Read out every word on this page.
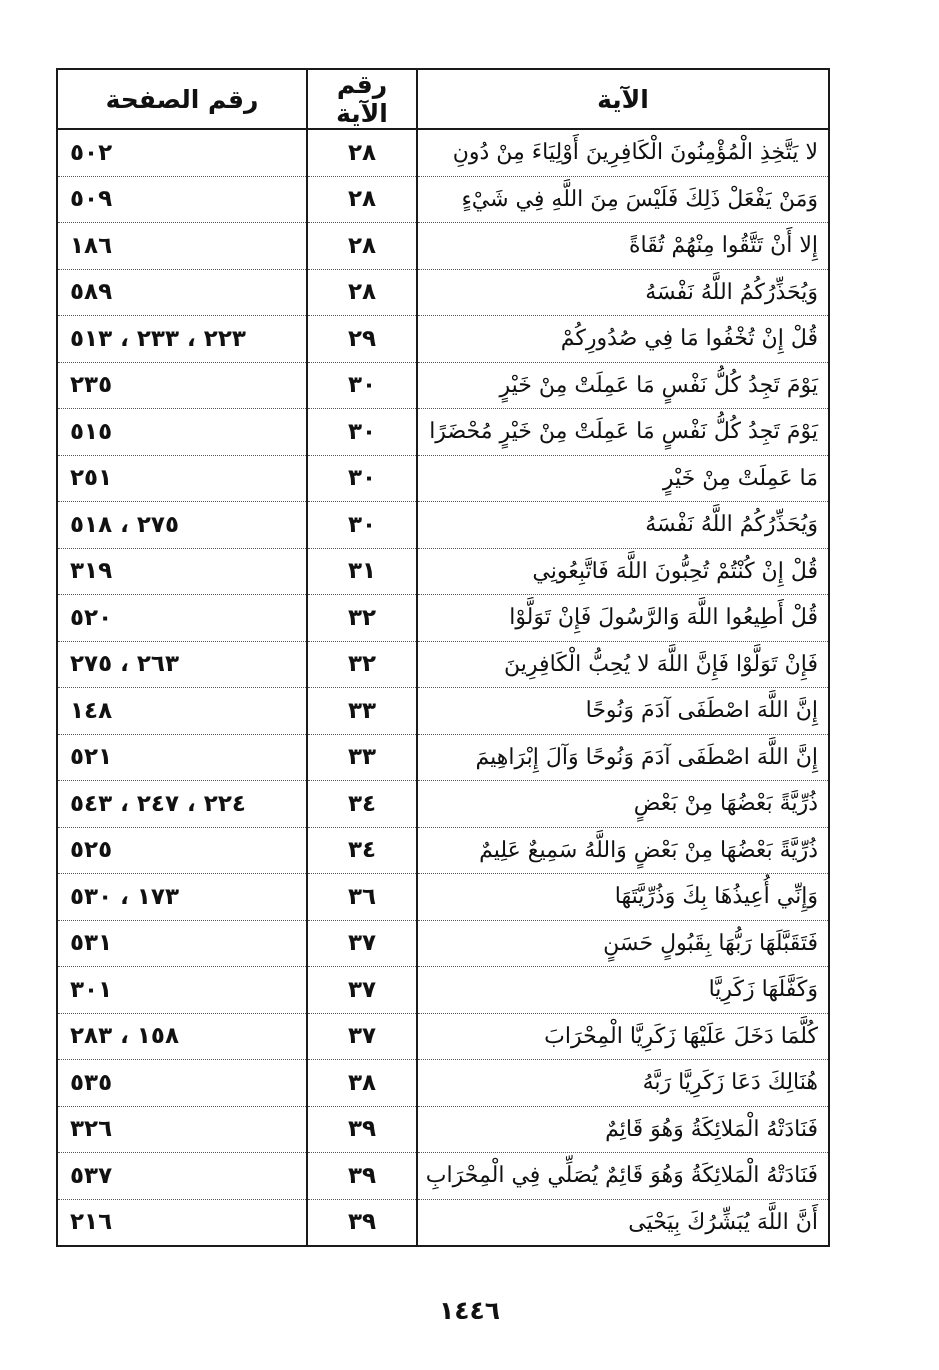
الآية	رقم الآية	رقم الصفحة
لا يَتَّخِذِ الْمُؤْمِنُونَ الْكَافِرِينَ أَوْلِيَاءَ مِنْ دُونِ	٢٨	٥٠٢
وَمَنْ يَفْعَلْ ذَلِكَ فَلَيْسَ مِنَ اللَّهِ فِي شَيْءٍ	٢٨	٥٠٩
إِلا أَنْ تَتَّقُوا مِنْهُمْ تُقَاةً	٢٨	١٨٦
وَيُحَذِّرُكُمُ اللَّهُ نَفْسَهُ	٢٨	٥٨٩
قُلْ إِنْ تُخْفُوا مَا فِي صُدُورِكُمْ	٢٩	٢٢٣ ، ٢٣٣ ، ٥١٣
يَوْمَ تَجِدُ كُلُّ نَفْسٍ مَا عَمِلَتْ مِنْ خَيْرٍ	٣٠	٢٣٥
يَوْمَ تَجِدُ كُلُّ نَفْسٍ مَا عَمِلَتْ مِنْ خَيْرٍ مُحْضَرًا	٣٠	٥١٥
مَا عَمِلَتْ مِنْ خَيْرٍ	٣٠	٢٥١
وَيُحَذِّرُكُمُ اللَّهُ نَفْسَهُ	٣٠	٢٧٥ ، ٥١٨
قُلْ إِنْ كُنْتُمْ تُحِبُّونَ اللَّهَ فَاتَّبِعُونِي	٣١	٣١٩
قُلْ أَطِيعُوا اللَّهَ وَالرَّسُولَ فَإِنْ تَوَلَّوْا	٣٢	٥٢٠
فَإِنْ تَوَلَّوْا فَإِنَّ اللَّهَ لا يُحِبُّ الْكَافِرِينَ	٣٢	٢٦٣ ، ٢٧٥
إِنَّ اللَّهَ اصْطَفَى آدَمَ وَنُوحًا	٣٣	١٤٨
إِنَّ اللَّهَ اصْطَفَى آدَمَ وَنُوحًا وَآلَ إِبْرَاهِيمَ	٣٣	٥٢١
ذُرِّيَّةً بَعْضُهَا مِنْ بَعْضٍ	٣٤	٢٢٤ ، ٢٤٧ ، ٥٤٣
ذُرِّيَّةً بَعْضُهَا مِنْ بَعْضٍ وَاللَّهُ سَمِيعٌ عَلِيمٌ	٣٤	٥٢٥
وَإِنِّي أُعِيذُهَا بِكَ وَذُرِّيَّتَهَا	٣٦	١٧٣ ، ٥٣٠
فَتَقَبَّلَهَا رَبُّهَا بِقَبُولٍ حَسَنٍ	٣٧	٥٣١
وَكَفَّلَهَا زَكَرِيَّا	٣٧	٣٠١
كُلَّمَا دَخَلَ عَلَيْهَا زَكَرِيَّا الْمِحْرَابَ	٣٧	١٥٨ ، ٢٨٣
هُنَالِكَ دَعَا زَكَرِيَّا رَبَّهُ	٣٨	٥٣٥
فَنَادَتْهُ الْمَلائِكَةُ وَهُوَ قَائِمٌ	٣٩	٣٢٦
فَنَادَتْهُ الْمَلائِكَةُ وَهُوَ قَائِمٌ يُصَلِّي فِي الْمِحْرَابِ	٣٩	٥٣٧
أَنَّ اللَّهَ يُبَشِّرُكَ بِيَحْيَى	٣٩	٢١٦
١٤٤٦
